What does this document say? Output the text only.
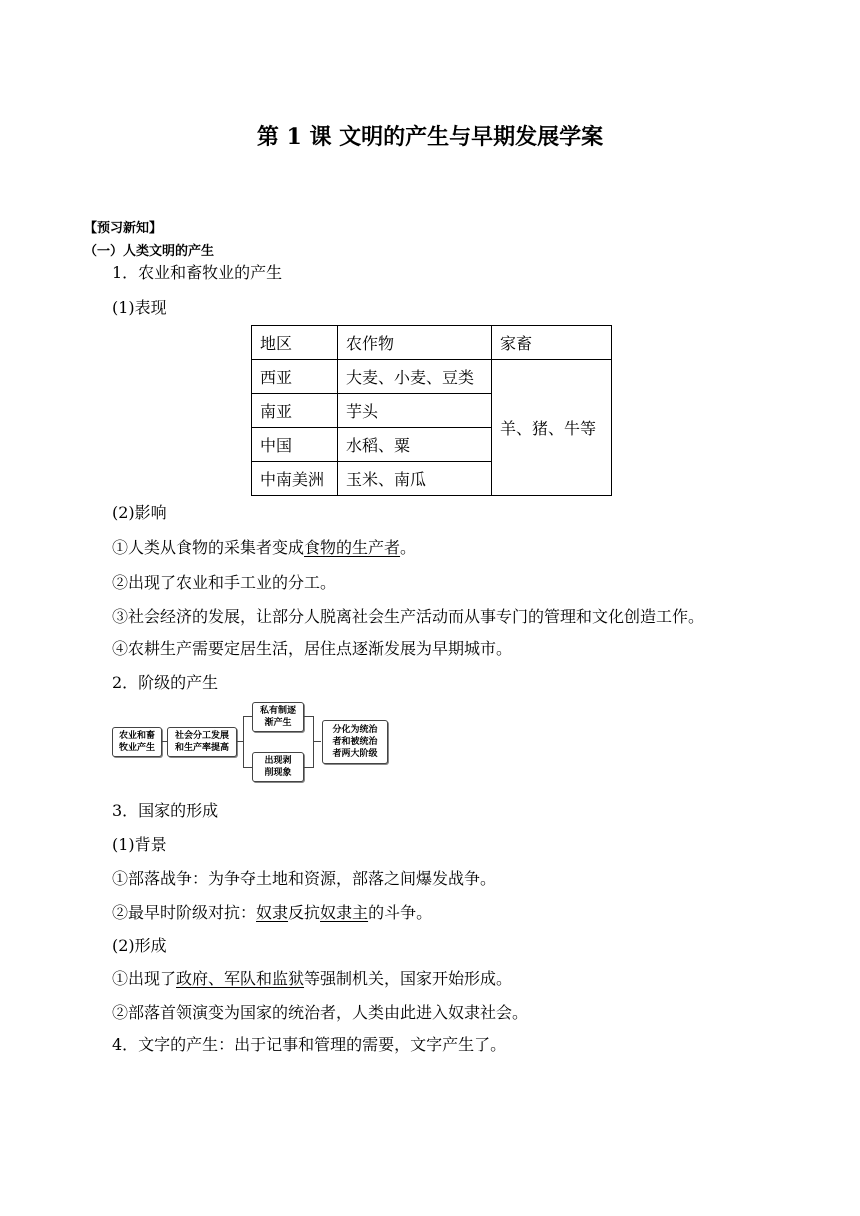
第 1 课 文明的产生与早期发展学案
【预习新知】
（一）人类文明的产生
1．农业和畜牧业的产生
(1)表现
地区	农作物	家畜
西亚	大麦、小麦、豆类	羊、猪、牛等
南亚	芋头	
中国	水稻、粟	
中南美洲	玉米、南瓜	
(2)影响
①人类从食物的采集者变成食物的生产者。
②出现了农业和手工业的分工。
③社会经济的发展，让部分人脱离社会生产活动而从事专门的管理和文化创造工作。
④农耕生产需要定居生活，居住点逐渐发展为早期城市。
2．阶级的产生
农业和畜
牧业产生
社会分工发展
和生产率提高
私有制逐
渐产生
出现剥
削现象
分化为统治
者和被统治
者两大阶级
3．国家的形成
(1)背景
①部落战争：为争夺土地和资源，部落之间爆发战争。
②最早时阶级对抗：奴隶反抗奴隶主的斗争。
(2)形成
①出现了政府、军队和监狱等强制机关，国家开始形成。
②部落首领演变为国家的统治者，人类由此进入奴隶社会。
4．文字的产生：出于记事和管理的需要，文字产生了。
